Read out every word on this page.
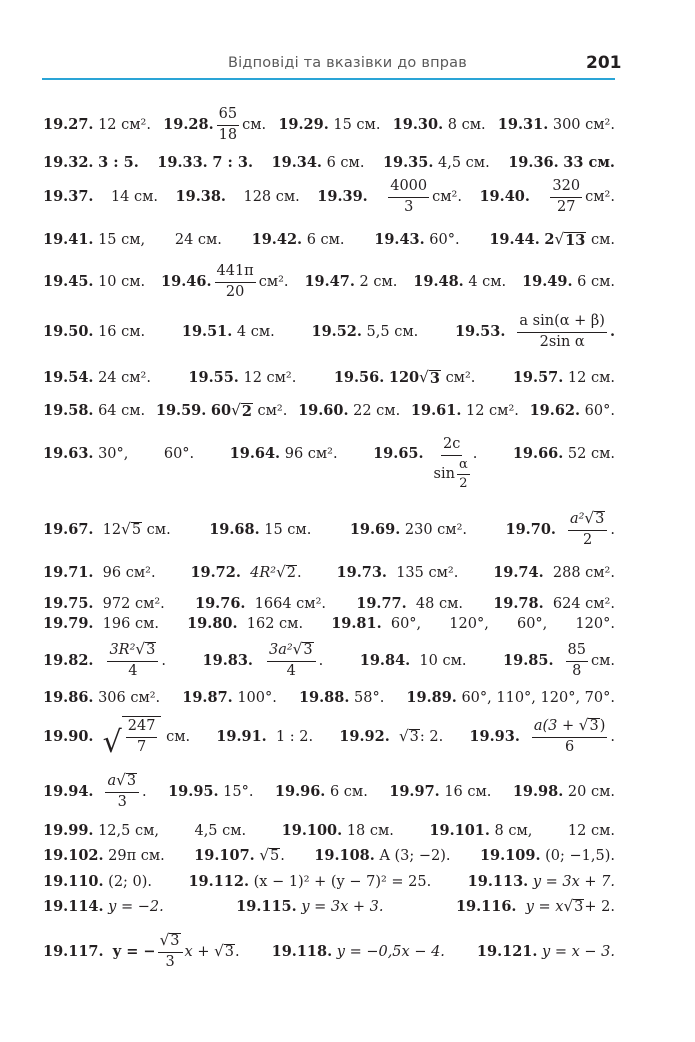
Відповіді та вказівки до вправ	201
19.27.
12 см². 19.28. $\frac{65}{18}$ см. 19.29.
15 см. 19.30.
8 см. 19.31.
300 см².
19.32.
3 : 5. 19.33.
7 : 3. 19.34.
6 см. 19.35.
4,5 см. 19.36.
33 см.
19.37. 14 см. 19.38. 128 см. 19.39. $\frac{4000}{3} см^2$. 19.40. $\frac{320}{27} см^2$.
19.41.
15 см, 24 см. 19.42.
6 см. 19.43.
60°. 19.44.
2 √ 13
см.
19.45.
10 см. 19.46. $\frac{441\pi}{20} см^2$. 19.47.
2 см. 19.48.
4 см. 19.49.
6 см.
19.50.
16 см.	19.51.
4 см.	19.52.
5,5 см.	19.53. $\frac{\text{a sin(α + β)}}{\text{2sin α}}$ .
19.54.
24 см².	19.55.
12 см².	19.56.
120 √ 3
см².	19.57.
12 см.
19.58.
64 см. 19.59.
60 √ 2
см². 19.60.
22 см. 19.61.
12 см². 19.62.
60°.
19.63.
30°, 60°. 19.64.
96 см². 19.65. $\frac{2c}{\sin \frac{\alpha}{2}}$ . 19.66.
52 см.
19.67.
12 √ 5
см.	19.68.
15 см.	19.69.
230 см².	19.70. $\frac{\text{a² √ 3}}{2}$ .
19.71.
96 см². 19.72.
4R² √ 2 . 19.73.
135 см². 19.74.
288 см².
19.75.
972 см². 19.76.
1664 см². 19.77.
48 см. 19.78.
624 см².
19.79.
196 см. 19.80.
162 см. 19.81.
60°, 120°, 60°, 120°.
19.82. $\frac{\text{3R² √ 3}}{4}$ .	19.83. $\frac{\text{3a² √ 3}}{4}$ .	19.84.
10 см.	19.85. $\frac{85}{8}$ см.
19.86.
306 см². 19.87.
100°. 19.88.
58°. 19.89.
60°, 110°, 120°, 70°.
19.90.
√ $\frac{247}{7}$
см. 19.91.
1 : 2. 19.92.
√ 3 : 2. 19.93. $\frac{a(3 + √ 3 )}{6}$ .
19.94. $\frac{a √ 3}{3}$ . 19.95.
15°. 19.96.
6 см. 19.97.
16 см. 19.98.
20 см.
19.99.
12,5 см, 4,5 см. 19.100.
18 см. 19.101.
8 см, 12 см.
19.102.
29π см. 19.107.
√ 5 . 19.108.
A (3; −2). 19.109.
(0; −1,5).
19.110.
(2; 0).	19.112.
(x − 1)² + (y − 7)² = 25.	19.113.
y = 3x + 7.
19.114.
y = −2.	19.115.
y = 3x + 3.	19.116.
y = x √ 3 + 2.
19.117.
y = − $\frac{√ 3}{3}$ x
+
√ 3 . 19.118.
y = −0,5x − 4. 19.121.
y = x − 3.
